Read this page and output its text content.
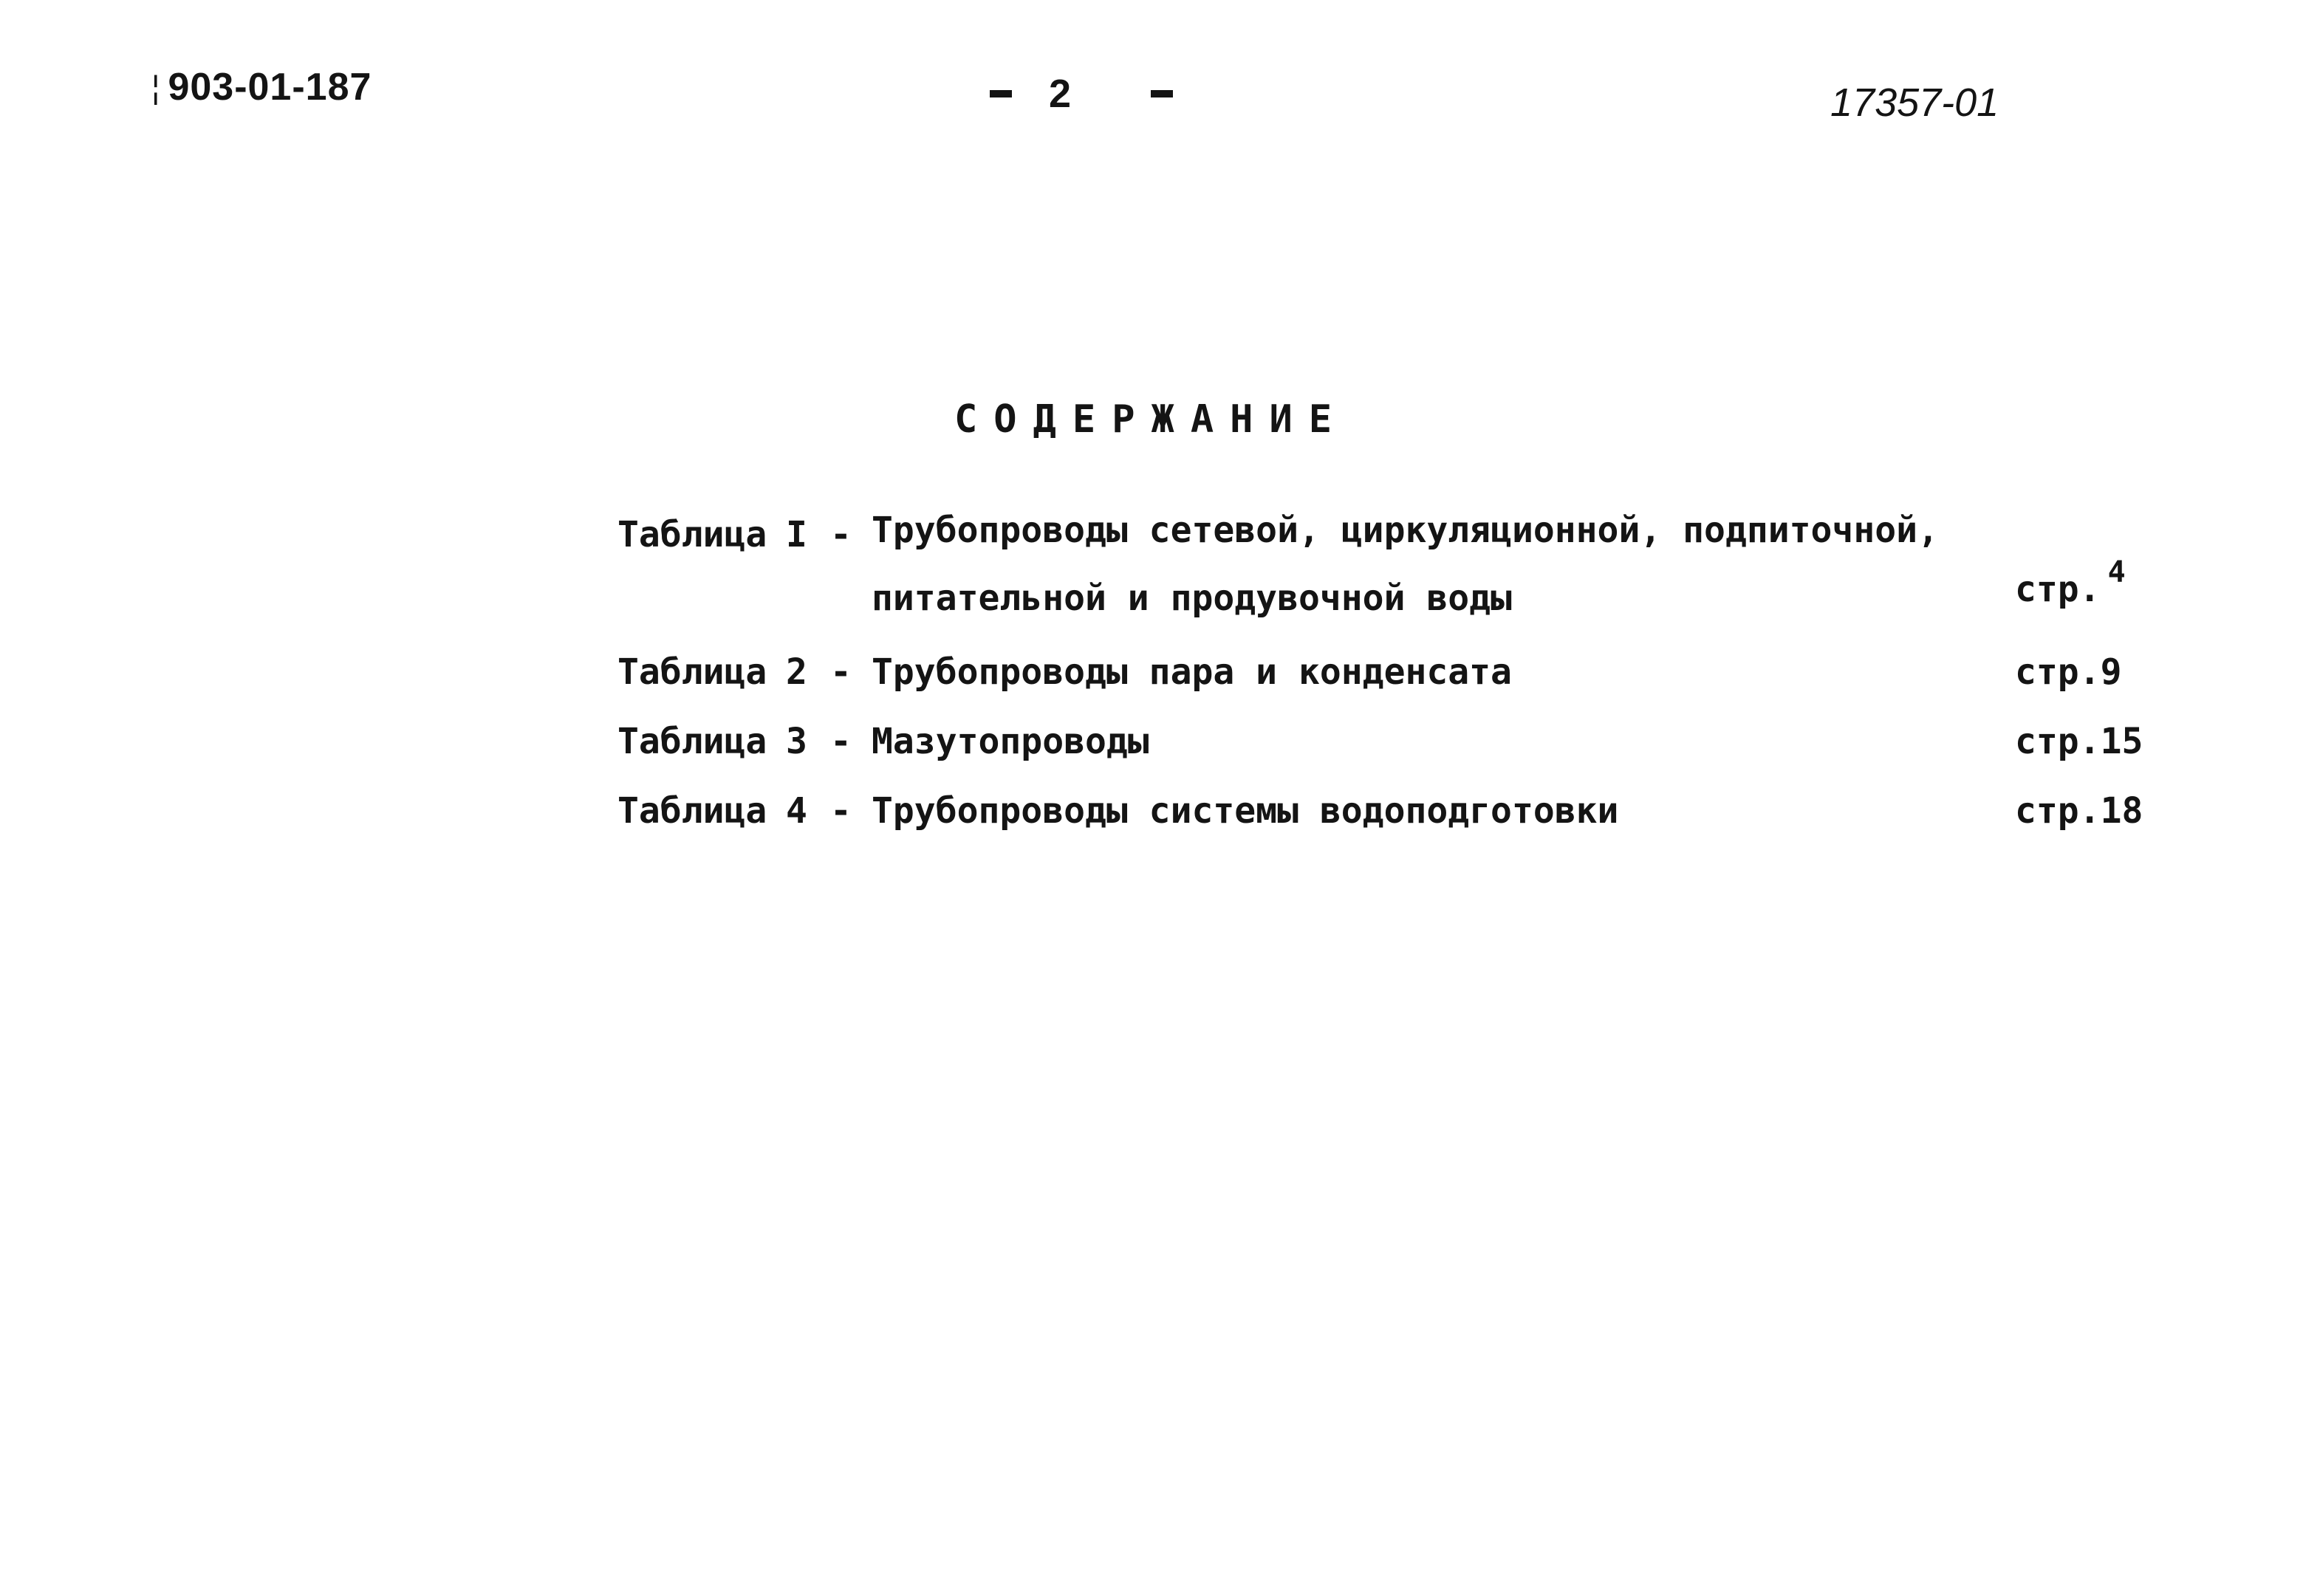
¦ 903-01-187	2	17357-01
СОДЕРЖАНИЕ
Таблица I - Трубопроводы сетевой, циркуляционной, подпиточной,
питательной и продувочной воды	стр. $^4$
Таблица 2 - Трубопроводы пара и конденсата	стр.9
Таблица 3 - Мазутопроводы	стр.15
Таблица 4 - Трубопроводы системы водоподготовки	стр.18
